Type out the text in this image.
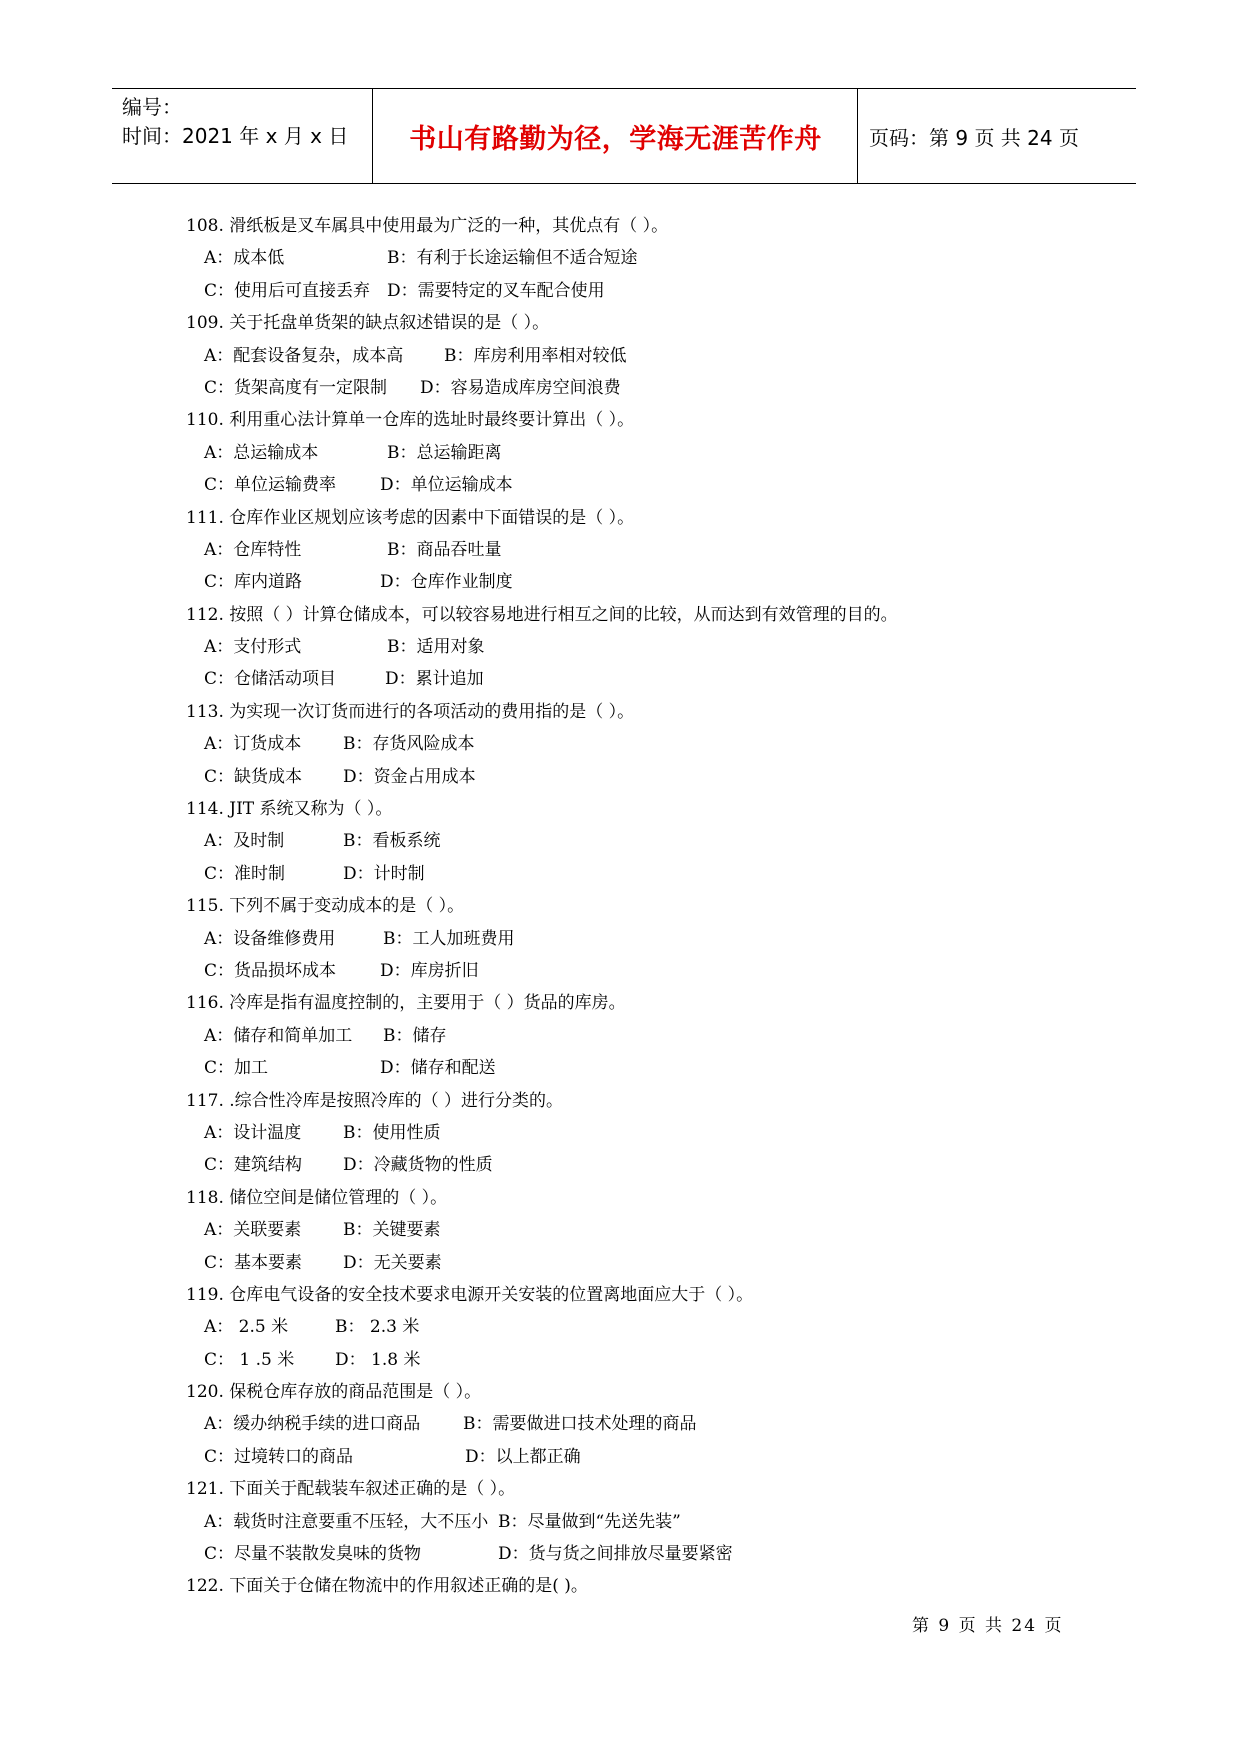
编号：
时间：2021 年 x 月 x 日	书山有路勤为径，学海无涯苦作舟	页码：第 9 页 共 24 页
108. 滑纸板是叉车属具中使用最为广泛的一种，其优点有（ ）。
A：成本低	B：有利于长途运输但不适合短途
C：使用后可直接丢弃 D：需要特定的叉车配合使用
109. 关于托盘单货架的缺点叙述错误的是（ ）。
A：配套设备复杂，成本高 B：库房利用率相对较低
C：货架高度有一定限制 D：容易造成库房空间浪费
110. 利用重心法计算单一仓库的选址时最终要计算出（ ）。
A：总运输成本	B：总运输距离
C：单位运输费率	D：单位运输成本
111. 仓库作业区规划应该考虑的因素中下面错误的是（ ）。
A：仓库特性	B：商品吞吐量
C：库内道路	D：仓库作业制度
112. 按照（ ）计算仓储成本，可以较容易地进行相互之间的比较，从而达到有效管理的目的。
A：支付形式	B：适用对象
C：仓储活动项目	D：累计追加
113. 为实现一次订货而进行的各项活动的费用指的是（ ）。
A：订货成本 B：存货风险成本
C：缺货成本 D：资金占用成本
114. JIT 系统又称为（ ）。
A：及时制	B：看板系统
C：准时制	D：计时制
115. 下列不属于变动成本的是（ ）。
A：设备维修费用	B：工人加班费用
C：货品损坏成本	D：库房折旧
116. 冷库是指有温度控制的，主要用于（ ）货品的库房。
A：储存和简单加工 B：储存
C：加工	D：储存和配送
117. .综合性冷库是按照冷库的（ ）进行分类的。
A：设计温度 B：使用性质
C：建筑结构 D：冷藏货物的性质
118. 储位空间是储位管理的（ ）。
A：关联要素 B：关键要素
C：基本要素 D：无关要素
119. 仓库电气设备的安全技术要求电源开关安装的位置离地面应大于（ ）。
A： 2.5 米	B： 2.3 米
C： 1 .5 米 D： 1.8 米
120. 保税仓库存放的商品范围是（ ）。
A：缓办纳税手续的进口商品	B：需要做进口技术处理的商品
C：过境转口的商品	D：以上都正确
121. 下面关于配载装车叙述正确的是（ ）。
A：载货时注意要重不压轻，大不压小 B：尽量做到“先送先装”
C：尽量不装散发臭味的货物	D：货与货之间排放尽量要紧密
122. 下面关于仓储在物流中的作用叙述正确的是( )。
第 9 页 共 24 页
